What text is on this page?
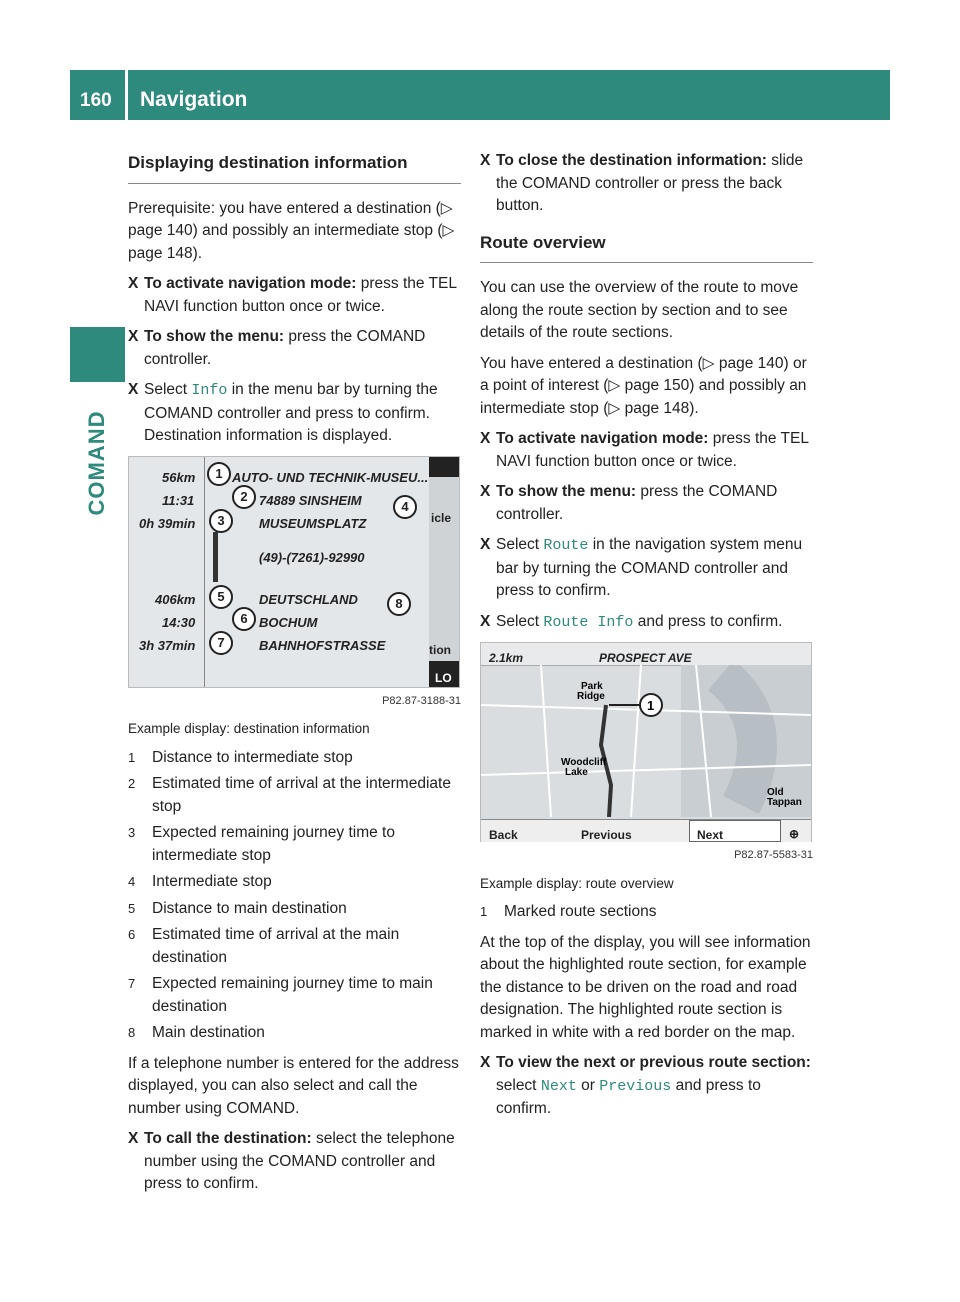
160 Navigation
COMAND
Displaying destination information

Prerequisite: you have entered a destination (▷ page 140) and possibly an intermediate stop (▷ page 148).

X To activate navigation mode: press the TEL NAVI function button once or twice.
X To show the menu: press the COMAND controller.
X Select Info in the menu bar by turning the COMAND controller and press to confirm.
Destination information is displayed.
56km	AUTO- UND TECHNIK-MUSEU...
11:31	74889 SINSHEIM
0h 39min	MUSEUMSPLATZ
(49)-(7261)-92990
406km	DEUTSCHLAND
14:30	BOCHUM
3h 37min	BAHNHOFSTRASSE
icle
tion
LO
1
2
3
4
5
6
8
7
P82.87-3188-31
Example display: destination information
1 Distance to intermediate stop
2 Estimated time of arrival at the intermediate stop
3 Expected remaining journey time to intermediate stop
4 Intermediate stop
5 Distance to main destination
6 Estimated time of arrival at the main destination
7 Expected remaining journey time to main destination
8 Main destination

If a telephone number is entered for the address displayed, you can also select and call the number using COMAND.

X To call the destination: select the telephone number using the COMAND controller and press to confirm.
X To close the destination information: slide the COMAND controller or press the back button.
Route overview

You can use the overview of the route to move along the route section by section and to see details of the route sections.

You have entered a destination (▷ page 140) or a point of interest (▷ page 150) and possibly an intermediate stop (▷ page 148).

X To activate navigation mode: press the TEL NAVI function button once or twice.
X To show the menu: press the COMAND controller.
X Select Route in the navigation system menu bar by turning the COMAND controller and press to confirm.
X Select Route Info and press to confirm.
2.1km	PROSPECT AVE
1
Park
Ridge
Woodcliff
Lake
Old
Tappan
Back	Previous	Next	⊕
P82.87-5583-31
Example display: route overview
1 Marked route sections

At the top of the display, you will see information about the highlighted route section, for example the distance to be driven on the road and road designation. The highlighted route section is marked in white with a red border on the map.

X To view the next or previous route section: select Next or Previous and press to confirm.
